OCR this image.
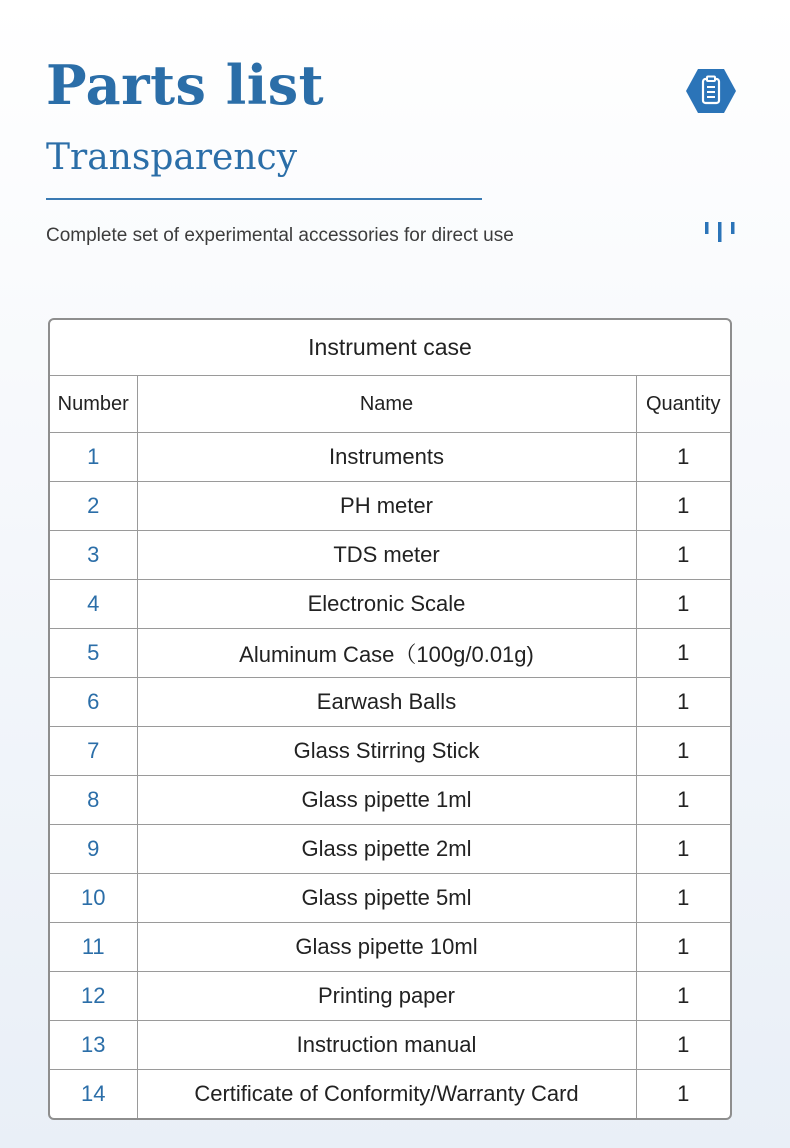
Parts list
Transparency
Complete set of experimental accessories for direct use
Instrument case		
Number	Name	Quantity
1	Instruments	1
2	PH meter	1
3	TDS meter	1
4	Electronic Scale	1
5	Aluminum Case（100g/0.01g)	1
6	Earwash Balls	1
7	Glass Stirring Stick	1
8	Glass pipette 1ml	1
9	Glass pipette 2ml	1
10	Glass pipette 5ml	1
11	Glass pipette 10ml	1
12	Printing paper	1
13	Instruction manual	1
14	Certificate of Conformity/Warranty Card	1
